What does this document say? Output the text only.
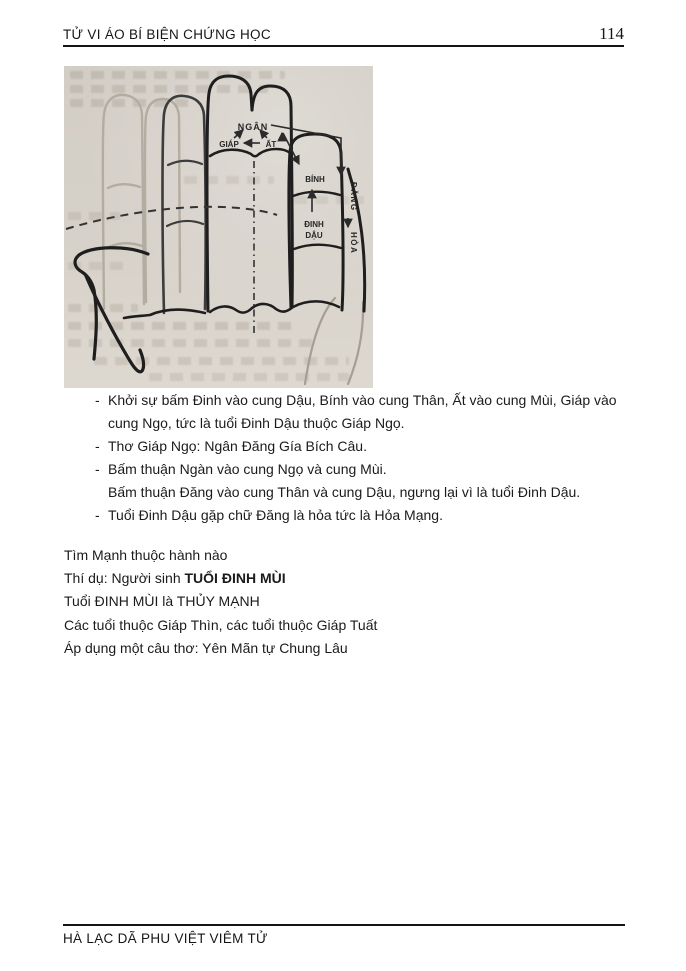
TỬ VI ÁO BÍ BIỆN CHỨNG HỌC	114
NGÂN
GIÁP	ẤT
BÍNH
ĐINH
DẬU
ĐĂNG
HỎA
- Khởi sự bấm Đinh vào cung Dậu, Bính vào cung Thân, Ất vào cung Mùi, Giáp vào cung Ngọ, tức là tuổi Đinh Dậu thuộc Giáp Ngọ.
- Thơ Giáp Ngọ: Ngân Đăng Gía Bích Câu.
- Bấm thuận Ngàn vào cung Ngọ và cung Mùi.
Bấm thuận Đăng vào cung Thân và cung Dậu, ngưng lại vì là tuổi Đinh Dậu.
- Tuổi Đinh Dậu gặp chữ Đăng là hỏa tức là Hỏa Mạng.
Tìm Mạnh thuộc hành nào
Thí dụ: Người sinh TUỔI ĐINH MÙI
Tuổi ĐINH MÙI là THỦY MẠNH
Các tuổi thuộc Giáp Thìn, các tuổi thuộc Giáp Tuất
Áp dụng một câu thơ: Yên Mãn tự Chung Lâu
HÀ LẠC DÃ PHU VIỆT VIÊM TỬ
